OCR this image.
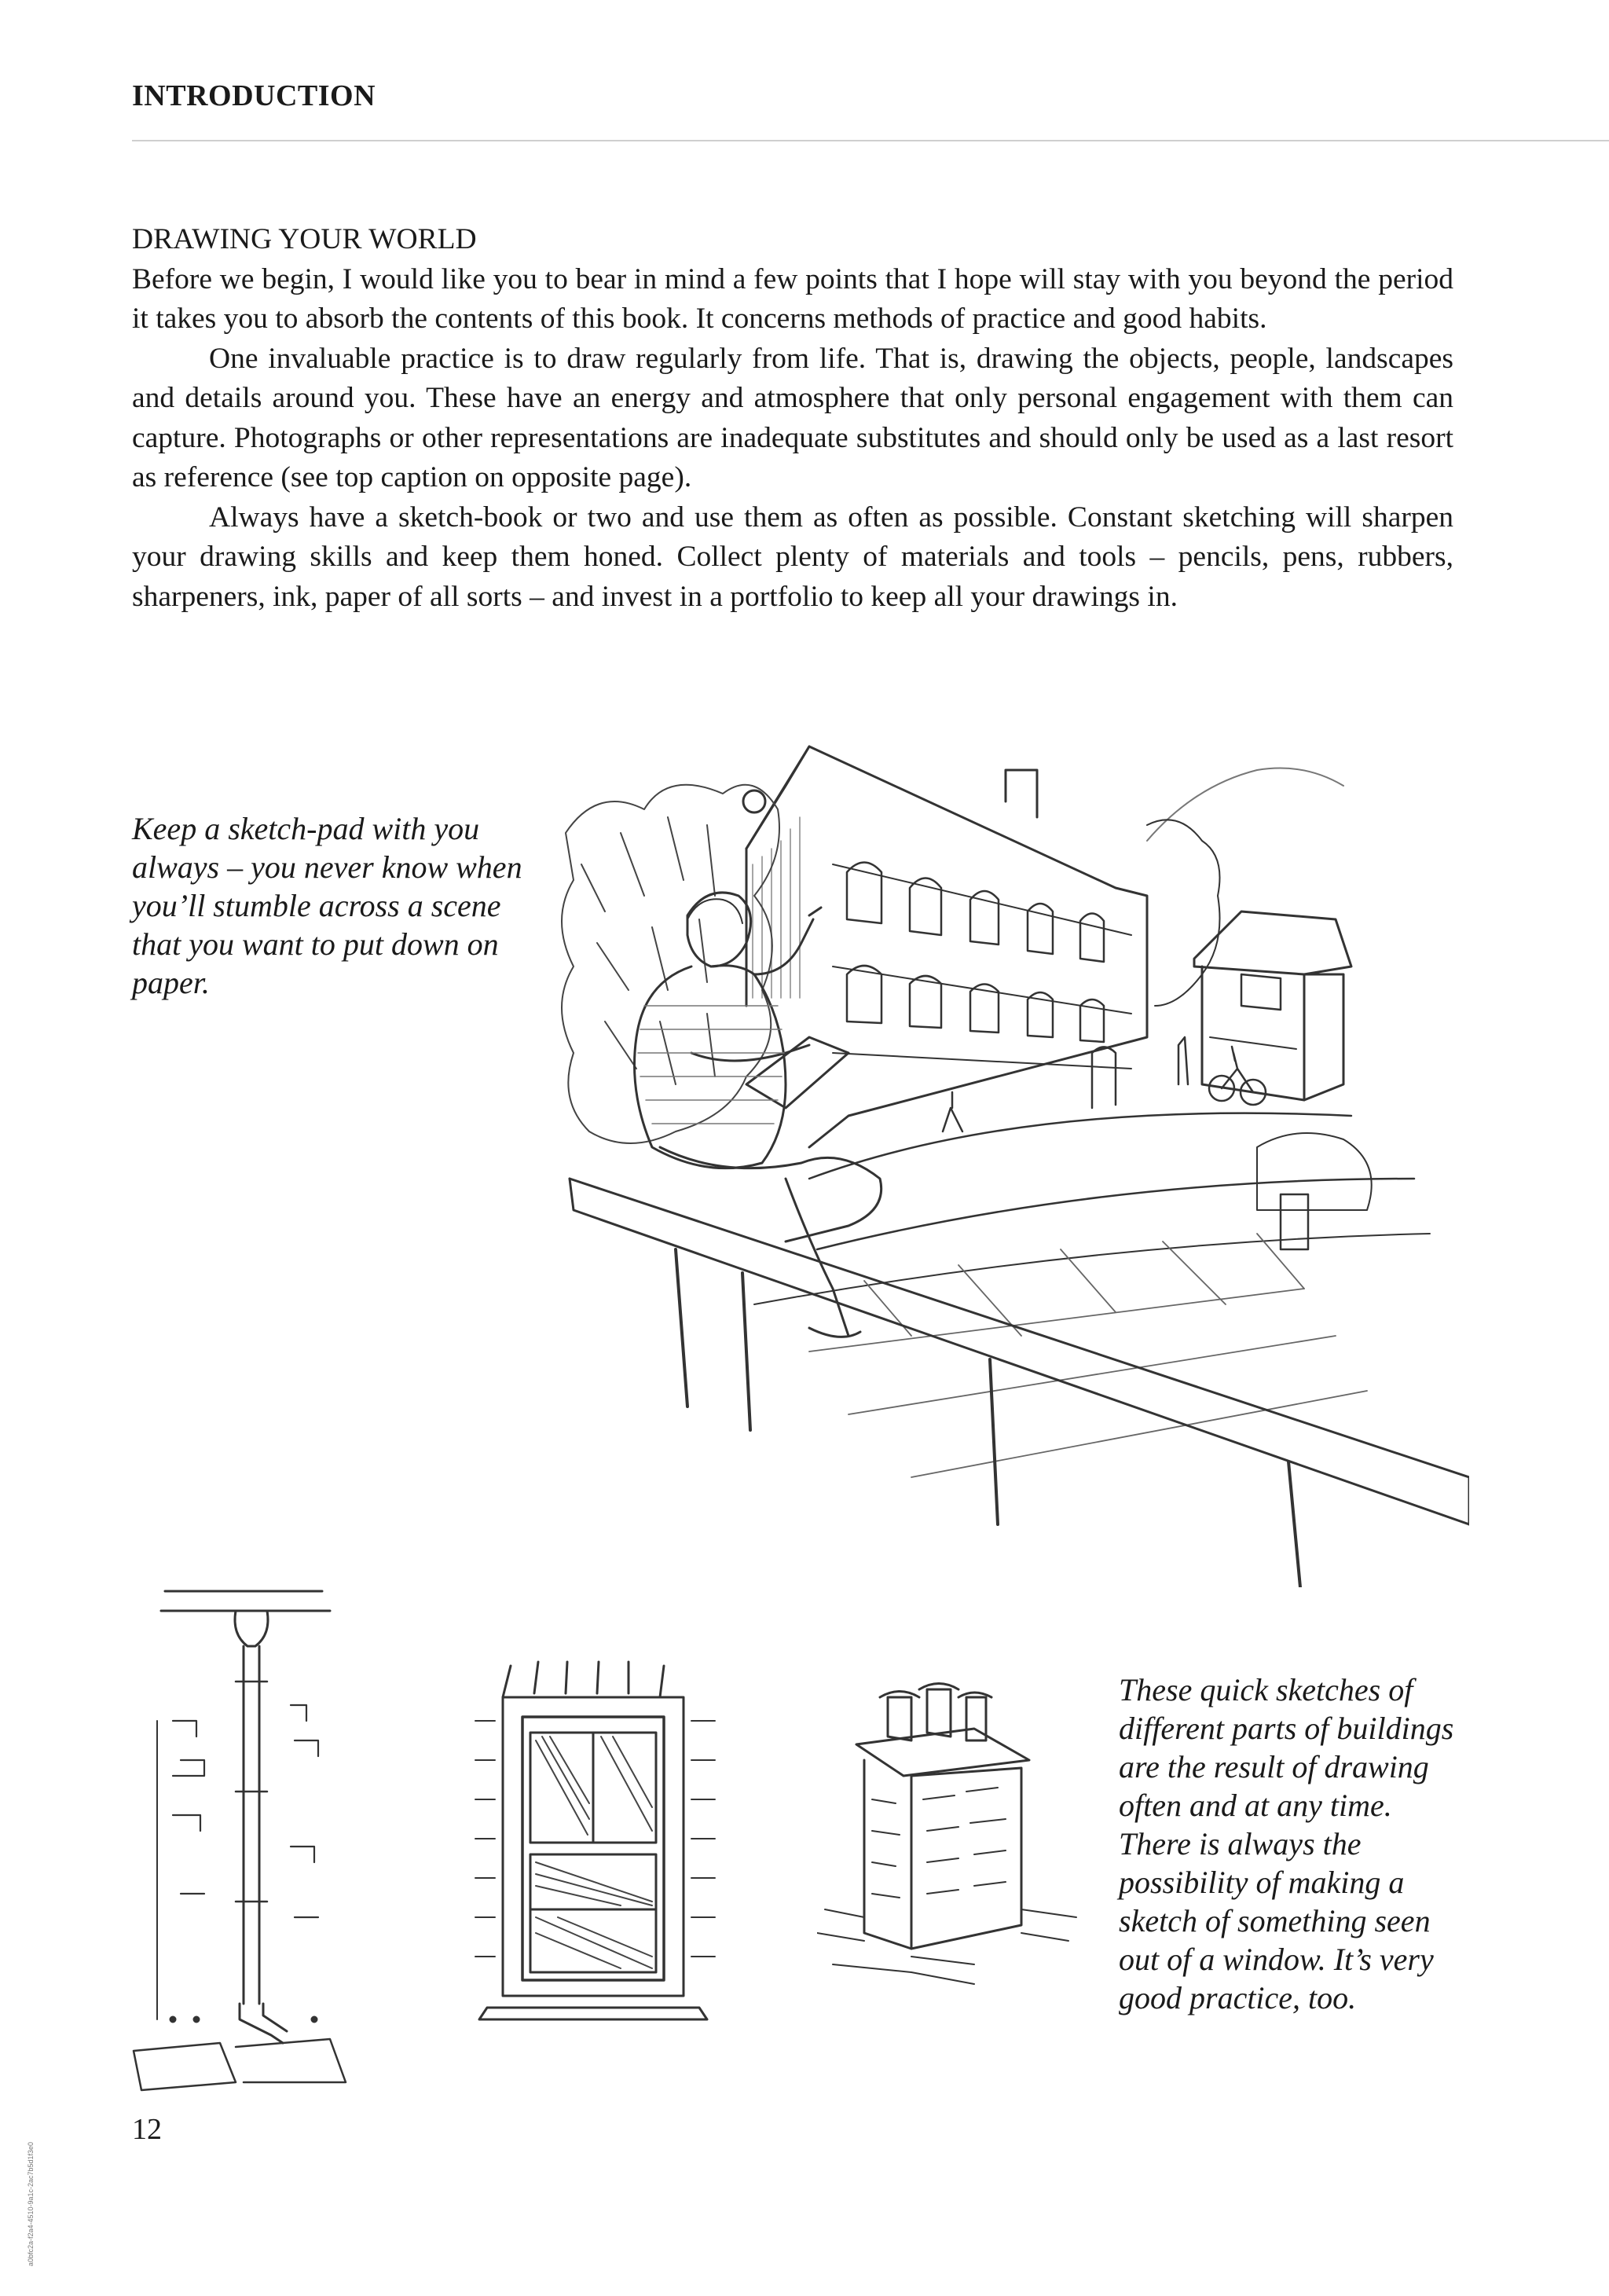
INTRODUCTION

DRAWING YOUR WORLD

Before we begin, I would like you to bear in mind a few points that I hope will stay with you beyond the period it takes you to absorb the contents of this book. It concerns methods of practice and good habits.

One invaluable practice is to draw regularly from life. That is, drawing the objects, people, landscapes and details around you. These have an energy and atmosphere that only personal engagement with them can capture. Photographs or other representations are inadequate substitutes and should only be used as a last resort as reference (see top caption on opposite page).

Always have a sketch-book or two and use them as often as possible. Constant sketching will sharpen your drawing skills and keep them honed. Collect plenty of materials and tools – pencils, pens, rubbers, sharpeners, ink, paper of all sorts – and invest in a portfolio to keep all your drawings in.

Keep a sketch-pad with you always – you never know when you’ll stumble across a scene that you want to put down on paper.
These quick sketches of different parts of buildings are the result of drawing often and at any time. There is always the possibility of making a sketch of something seen out of a window. It’s very good practice, too.
12
a0bfc2a-f2a4-4510-9a1c-2ac7b5d1f3e0
